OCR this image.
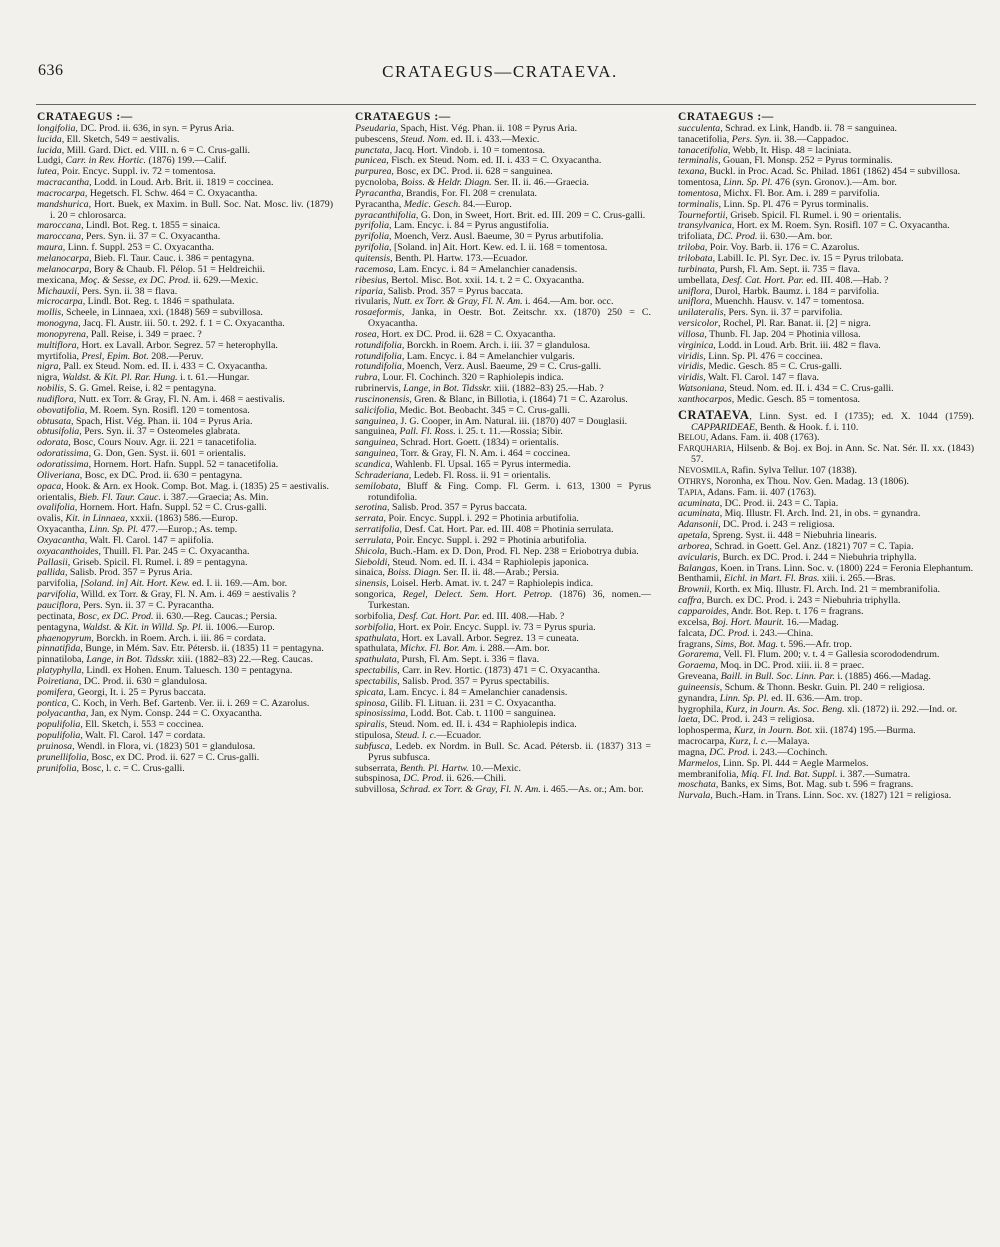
636	CRATAEGUS—CRATAEVA.
CRATAEGUS :—
longifolia, DC. Prod. ii. 636, in syn. = Pyrus Aria.
lucida, Ell. Sketch, 549 = aestivalis.
lucida, Mill. Gard. Dict. ed. VIII. n. 6 = C. Crus-galli.
Ludgi, Carr. in Rev. Hortic. (1876) 199.—Calif.
lutea, Poir. Encyc. Suppl. iv. 72 = tomentosa.
macracantha, Lodd. in Loud. Arb. Brit. ii. 1819 = coccinea.
macrocarpa, Hegetsch. Fl. Schw. 464 = C. Oxyacantha.
mandshurica, Hort. Buek, ex Maxim. in Bull. Soc. Nat. Mosc. liv. (1879) i. 20 = chlorosarca.
maroccana, Lindl. Bot. Reg. t. 1855 = sinaica.
maroccana, Pers. Syn. ii. 37 = C. Oxyacantha.
maura, Linn. f. Suppl. 253 = C. Oxyacantha.
melanocarpa, Bieb. Fl. Taur. Cauc. i. 386 = pentagyna.
melanocarpa, Bory & Chaub. Fl. Pélop. 51 = Heldreichii.
mexicana, Moç. & Sesse, ex DC. Prod. ii. 629.—Mexic.
Michauxii, Pers. Syn. ii. 38 = flava.
microcarpa, Lindl. Bot. Reg. t. 1846 = spathulata.
mollis, Scheele, in Linnaea, xxi. (1848) 569 = subvillosa.
monogyna, Jacq. Fl. Austr. iii. 50. t. 292. f. 1 = C. Oxyacantha.
monopyrena, Pall. Reise, i. 349 = praec. ?
multiflora, Hort. ex Lavall. Arbor. Segrez. 57 = heterophylla.
myrtifolia, Presl, Epim. Bot. 208.—Peruv.
nigra, Pall. ex Steud. Nom. ed. II. i. 433 = C. Oxyacantha.
nigra, Waldst. & Kit. Pl. Rar. Hung. i. t. 61.—Hungar.
nobilis, S. G. Gmel. Reise, i. 82 = pentagyna.
nudiflora, Nutt. ex Torr. & Gray, Fl. N. Am. i. 468 = aestivalis.
obovatifolia, M. Roem. Syn. Rosifl. 120 = tomentosa.
obtusata, Spach, Hist. Vég. Phan. ii. 104 = Pyrus Aria.
obtusifolia, Pers. Syn. ii. 37 = Osteomeles glabrata.
odorata, Bosc, Cours Nouv. Agr. ii. 221 = tanacetifolia.
odoratissima, G. Don, Gen. Syst. ii. 601 = orientalis.
odoratissima, Hornem. Hort. Hafn. Suppl. 52 = tanacetifolia.
Oliveriana, Bosc, ex DC. Prod. ii. 630 = pentagyna.
opaca, Hook. & Arn. ex Hook. Comp. Bot. Mag. i. (1835) 25 = aestivalis.
orientalis, Bieb. Fl. Taur. Cauc. i. 387.—Graecia; As. Min.
ovalifolia, Hornem. Hort. Hafn. Suppl. 52 = C. Crus-galli.
ovalis, Kit. in Linnaea, xxxii. (1863) 586.—Europ.
Oxyacantha, Linn. Sp. Pl. 477.—Europ.; As. temp.
Oxyacantha, Walt. Fl. Carol. 147 = apiifolia.
oxyacanthoides, Thuill. Fl. Par. 245 = C. Oxyacantha.
Pallasii, Griseb. Spicil. Fl. Rumel. i. 89 = pentagyna.
pallida, Salisb. Prod. 357 = Pyrus Aria.
parvifolia, [Soland. in] Ait. Hort. Kew. ed. I. ii. 169.—Am. bor.
parvifolia, Willd. ex Torr. & Gray, Fl. N. Am. i. 469 = aestivalis ?
pauciflora, Pers. Syn. ii. 37 = C. Pyracantha.
pectinata, Bosc, ex DC. Prod. ii. 630.—Reg. Caucas.; Persia.
pentagyna, Waldst. & Kit. in Willd. Sp. Pl. ii. 1006.—Europ.
phaenopyrum, Borckh. in Roem. Arch. i. iii. 86 = cordata.
pinnatifida, Bunge, in Mém. Sav. Etr. Pétersb. ii. (1835) 11 = pentagyna.
pinnatiloba, Lange, in Bot. Tidsskr. xiii. (1882–83) 22.—Reg. Caucas.
platyphylla, Lindl. ex Hohen. Enum. Taluesch. 130 = pentagyna.
Poiretiana, DC. Prod. ii. 630 = glandulosa.
pomifera, Georgi, It. i. 25 = Pyrus baccata.
pontica, C. Koch, in Verh. Bef. Gartenb. Ver. ii. i. 269 = C. Azarolus.
polyacantha, Jan, ex Nym. Consp. 244 = C. Oxyacantha.
populifolia, Ell. Sketch, i. 553 = coccinea.
populifolia, Walt. Fl. Carol. 147 = cordata.
pruinosa, Wendl. in Flora, vi. (1823) 501 = glandulosa.
prunellifolia, Bosc, ex DC. Prod. ii. 627 = C. Crus-galli.
prunifolia, Bosc, l. c. = C. Crus-galli.
CRATAEGUS :—
Pseudaria, Spach, Hist. Vég. Phan. ii. 108 = Pyrus Aria.
pubescens, Steud. Nom. ed. II. i. 433.—Mexic.
punctata, Jacq. Hort. Vindob. i. 10 = tomentosa.
punicea, Fisch. ex Steud. Nom. ed. II. i. 433 = C. Oxyacantha.
purpurea, Bosc, ex DC. Prod. ii. 628 = sanguinea.
pycnoloba, Boiss. & Heldr. Diagn. Ser. II. ii. 46.—Graecia.
Pyracantha, Brandis, For. Fl. 208 = crenulata.
Pyracantha, Medic. Gesch. 84.—Europ.
pyracanthifolia, G. Don, in Sweet, Hort. Brit. ed. III. 209 = C. Crus-galli.
pyrifolia, Lam. Encyc. i. 84 = Pyrus angustifolia.
pyrifolia, Moench, Verz. Ausl. Baeume, 30 = Pyrus arbutifolia.
pyrifolia, [Soland. in] Ait. Hort. Kew. ed. I. ii. 168 = tomentosa.
quitensis, Benth. Pl. Hartw. 173.—Ecuador.
racemosa, Lam. Encyc. i. 84 = Amelanchier canadensis.
ribesius, Bertol. Misc. Bot. xxii. 14. t. 2 = C. Oxyacantha.
riparia, Salisb. Prod. 357 = Pyrus baccata.
rivularis, Nutt. ex Torr. & Gray, Fl. N. Am. i. 464.—Am. bor. occ.
rosaeformis, Janka, in Oestr. Bot. Zeitschr. xx. (1870) 250 = C. Oxyacantha.
rosea, Hort. ex DC. Prod. ii. 628 = C. Oxyacantha.
rotundifolia, Borckh. in Roem. Arch. i. iii. 37 = glandulosa.
rotundifolia, Lam. Encyc. i. 84 = Amelanchier vulgaris.
rotundifolia, Moench, Verz. Ausl. Baeume, 29 = C. Crus-galli.
rubra, Lour. Fl. Cochinch. 320 = Raphiolepis indica.
rubrinervis, Lange, in Bot. Tidsskr. xiii. (1882–83) 25.—Hab. ?
ruscinonensis, Gren. & Blanc, in Billotia, i. (1864) 71 = C. Azarolus.
salicifolia, Medic. Bot. Beobacht. 345 = C. Crus-galli.
sanguinea, J. G. Cooper, in Am. Natural. iii. (1870) 407 = Douglasii.
sanguinea, Pall. Fl. Ross. i. 25. t. 11.—Rossia; Sibir.
sanguinea, Schrad. Hort. Goett. (1834) = orientalis.
sanguinea, Torr. & Gray, Fl. N. Am. i. 464 = coccinea.
scandica, Wahlenb. Fl. Upsal. 165 = Pyrus intermedia.
Schraderiana, Ledeb. Fl. Ross. ii. 91 = orientalis.
semilobata, Bluff & Fing. Comp. Fl. Germ. i. 613, 1300 = Pyrus rotundifolia.
serotina, Salisb. Prod. 357 = Pyrus baccata.
serrata, Poir. Encyc. Suppl. i. 292 = Photinia arbutifolia.
serratifolia, Desf. Cat. Hort. Par. ed. III. 408 = Photinia serrulata.
serrulata, Poir. Encyc. Suppl. i. 292 = Photinia arbutifolia.
Shicola, Buch.-Ham. ex D. Don, Prod. Fl. Nep. 238 = Eriobotrya dubia.
Sieboldi, Steud. Nom. ed. II. i. 434 = Raphiolepis japonica.
sinaica, Boiss. Diagn. Ser. II. ii. 48.—Arab.; Persia.
sinensis, Loisel. Herb. Amat. iv. t. 247 = Raphiolepis indica.
songorica, Regel, Delect. Sem. Hort. Petrop. (1876) 36, nomen.—Turkestan.
sorbifolia, Desf. Cat. Hort. Par. ed. III. 408.—Hab. ?
sorbifolia, Hort. ex Poir. Encyc. Suppl. iv. 73 = Pyrus spuria.
spathulata, Hort. ex Lavall. Arbor. Segrez. 13 = cuneata.
spathulata, Michx. Fl. Bor. Am. i. 288.—Am. bor.
spathulata, Pursh, Fl. Am. Sept. i. 336 = flava.
spectabilis, Carr. in Rev. Hortic. (1873) 471 = C. Oxyacantha.
spectabilis, Salisb. Prod. 357 = Pyrus spectabilis.
spicata, Lam. Encyc. i. 84 = Amelanchier canadensis.
spinosa, Gilib. Fl. Lituan. ii. 231 = C. Oxyacantha.
spinosissima, Lodd. Bot. Cab. t. 1100 = sanguinea.
spiralis, Steud. Nom. ed. II. i. 434 = Raphiolepis indica.
stipulosa, Steud. l. c.—Ecuador.
subfusca, Ledeb. ex Nordm. in Bull. Sc. Acad. Pétersb. ii. (1837) 313 = Pyrus subfusca.
subserrata, Benth. Pl. Hartw. 10.—Mexic.
subspinosa, DC. Prod. ii. 626.—Chili.
subvillosa, Schrad. ex Torr. & Gray, Fl. N. Am. i. 465.—As. or.; Am. bor.
CRATAEGUS :—
succulenta, Schrad. ex Link, Handb. ii. 78 = sanguinea.
tanacetifolia, Pers. Syn. ii. 38.—Cappadoc.
tanacetifolia, Webb, It. Hisp. 48 = laciniata.
terminalis, Gouan, Fl. Monsp. 252 = Pyrus torminalis.
texana, Buckl. in Proc. Acad. Sc. Philad. 1861 (1862) 454 = subvillosa.
tomentosa, Linn. Sp. Pl. 476 (syn. Gronov.).—Am. bor.
tomentosa, Michx. Fl. Bor. Am. i. 289 = parvifolia.
torminalis, Linn. Sp. Pl. 476 = Pyrus torminalis.
Tournefortii, Griseb. Spicil. Fl. Rumel. i. 90 = orientalis.
transylvanica, Hort. ex M. Roem. Syn. Rosifl. 107 = C. Oxyacantha.
trifoliata, DC. Prod. ii. 630.—Am. bor.
triloba, Poir. Voy. Barb. ii. 176 = C. Azarolus.
trilobata, Labill. Ic. Pl. Syr. Dec. iv. 15 = Pyrus trilobata.
turbinata, Pursh, Fl. Am. Sept. ii. 735 = flava.
umbellata, Desf. Cat. Hort. Par. ed. III. 408.—Hab. ?
uniflora, Durol, Harbk. Baumz. i. 184 = parvifolia.
uniflora, Muenchh. Hausv. v. 147 = tomentosa.
unilateralis, Pers. Syn. ii. 37 = parvifolia.
versicolor, Rochel, Pl. Rar. Banat. ii. [2] = nigra.
villosa, Thunb. Fl. Jap. 204 = Photinia villosa.
virginica, Lodd. in Loud. Arb. Brit. iii. 482 = flava.
viridis, Linn. Sp. Pl. 476 = coccinea.
viridis, Medic. Gesch. 85 = C. Crus-galli.
viridis, Walt. Fl. Carol. 147 = flava.
Watsoniana, Steud. Nom. ed. II. i. 434 = C. Crus-galli.
xanthocarpos, Medic. Gesch. 85 = tomentosa.
CRATAEVA, Linn. Syst. ed. I (1735); ed. X. 1044 (1759). CAPPARIDEAE, Benth. & Hook. f. i. 110.
BELOU, Adans. Fam. ii. 408 (1763).
FARQUHARIA, Hilsenb. & Boj. ex Boj. in Ann. Sc. Nat. Sér. II. xx. (1843) 57.
NEVOSMILA, Rafin. Sylva Tellur. 107 (1838).
OTHRYS, Noronha, ex Thou. Nov. Gen. Madag. 13 (1806).
TAPIA, Adans. Fam. ii. 407 (1763).
acuminata, DC. Prod. ii. 243 = C. Tapia.
acuminata, Miq. Illustr. Fl. Arch. Ind. 21, in obs. = gynandra.
Adansonii, DC. Prod. i. 243 = religiosa.
apetala, Spreng. Syst. ii. 448 = Niebuhria linearis.
arborea, Schrad. in Goett. Gel. Anz. (1821) 707 = C. Tapia.
avicularis, Burch. ex DC. Prod. i. 244 = Niebuhria triphylla.
Balangas, Koen. in Trans. Linn. Soc. v. (1800) 224 = Feronia Elephantum.
Benthamii, Eichl. in Mart. Fl. Bras. xiii. i. 265.—Bras.
Brownii, Korth. ex Miq. Illustr. Fl. Arch. Ind. 21 = membranifolia.
caffra, Burch. ex DC. Prod. i. 243 = Niebuhria triphylla.
capparoides, Andr. Bot. Rep. t. 176 = fragrans.
excelsa, Boj. Hort. Maurit. 16.—Madag.
falcata, DC. Prod. i. 243.—China.
fragrans, Sims, Bot. Mag. t. 596.—Afr. trop.
Gorarema, Vell. Fl. Flum. 200; v. t. 4 = Gallesia scorododendrum.
Goraema, Moq. in DC. Prod. xiii. ii. 8 = praec.
Greveana, Baill. in Bull. Soc. Linn. Par. i. (1885) 466.—Madag.
guineensis, Schum. & Thonn. Beskr. Guin. Pl. 240 = religiosa.
gynandra, Linn. Sp. Pl. ed. II. 636.—Am. trop.
hygrophila, Kurz, in Journ. As. Soc. Beng. xli. (1872) ii. 292.—Ind. or.
laeta, DC. Prod. i. 243 = religiosa.
lophosperma, Kurz, in Journ. Bot. xii. (1874) 195.—Burma.
macrocarpa, Kurz, l. c.—Malaya.
magna, DC. Prod. i. 243.—Cochinch.
Marmelos, Linn. Sp. Pl. 444 = Aegle Marmelos.
membranifolia, Miq. Fl. Ind. Bat. Suppl. i. 387.—Sumatra.
moschata, Banks, ex Sims, Bot. Mag. sub t. 596 = fragrans.
Nurvala, Buch.-Ham. in Trans. Linn. Soc. xv. (1827) 121 = religiosa.
